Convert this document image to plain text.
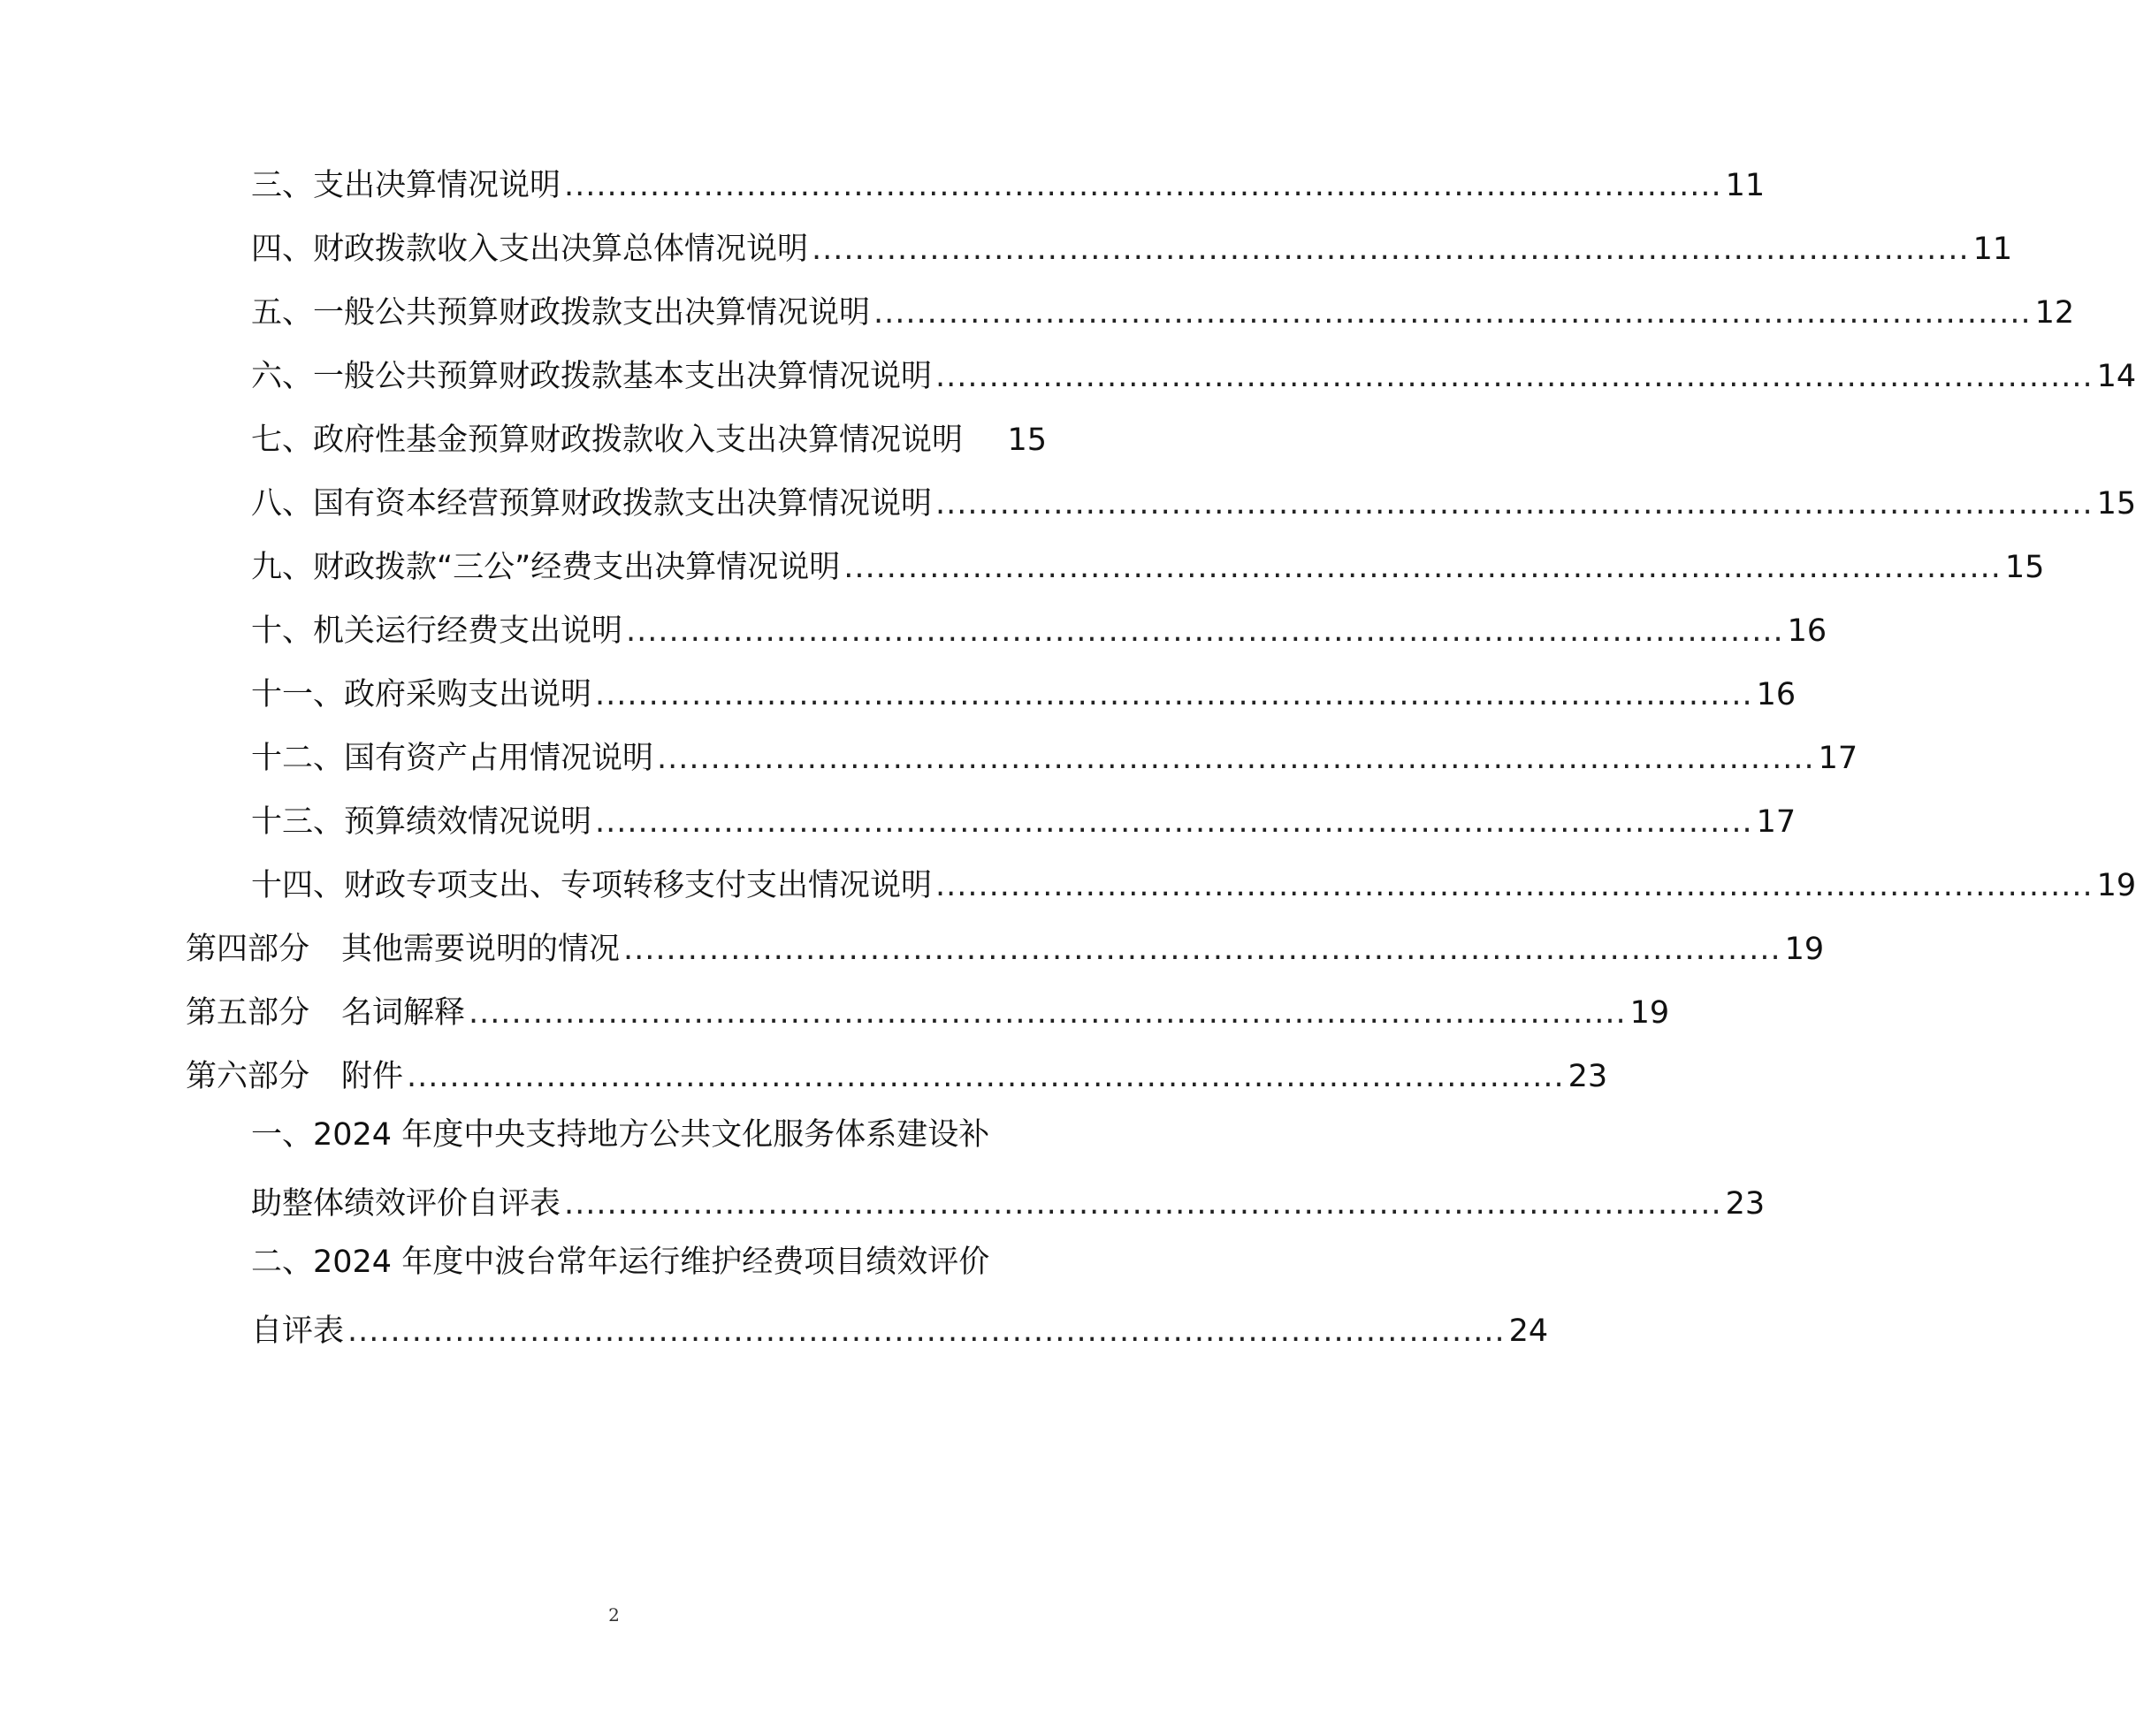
三、支出决算情况说明 ............................................................................................................ 11
四、财政拨款收入支出决算总体情况说明 ............................................................................................................ 11
五、一般公共预算财政拨款支出决算情况说明 ............................................................................................................ 12
六、一般公共预算财政拨款基本支出决算情况说明 ............................................................................................................ 14
七、政府性基金预算财政拨款收入支出决算情况说明 15
八、国有资本经营预算财政拨款支出决算情况说明 ............................................................................................................ 15
九、财政拨款“三公”经费支出决算情况说明 ............................................................................................................ 15
十、机关运行经费支出说明 ............................................................................................................ 16
十一、政府采购支出说明 ............................................................................................................ 16
十二、国有资产占用情况说明 ............................................................................................................ 17
十三、预算绩效情况说明 ............................................................................................................ 17
十四、财政专项支出、专项转移支付支出情况说明 ............................................................................................................ 19
第四部分 其他需要说明的情况 ............................................................................................................ 19
第五部分 名词解释 ............................................................................................................ 19
第六部分 附件 ............................................................................................................ 23
一、2024 年度中央支持地方公共文化服务体系建设补
助整体绩效评价自评表 ............................................................................................................ 23
二、2024 年度中波台常年运行维护经费项目绩效评价
自评表 ............................................................................................................ 24
2
